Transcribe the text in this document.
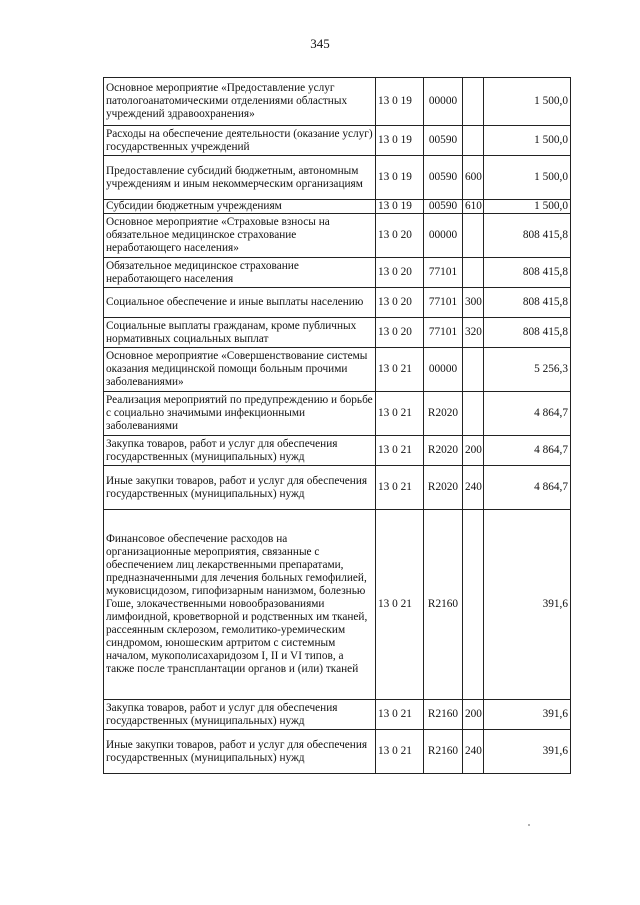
345
Основное мероприятие «Предоставление услуг патологоанатомическими отделениями областных учреждений здравоохранения»	13 0 19	00000		1 500,0
Расходы на обеспечение деятельности (оказание услуг) государственных учреждений	13 0 19	00590		1 500,0
Предоставление субсидий бюджетным, автономным учреждениям и иным некоммерческим организациям	13 0 19	00590	600	1 500,0
Субсидии бюджетным учреждениям	13 0 19	00590	610	1 500,0
Основное мероприятие «Страховые взносы на обязательное медицинское страхование неработающего населения»	13 0 20	00000		808 415,8
Обязательное медицинское страхование неработающего населения	13 0 20	77101		808 415,8
Социальное обеспечение и иные выплаты населению	13 0 20	77101	300	808 415,8
Социальные выплаты гражданам, кроме публичных нормативных социальных выплат	13 0 20	77101	320	808 415,8
Основное мероприятие «Совершенствование системы оказания медицинской помощи больным прочими заболеваниями»	13 0 21	00000		5 256,3
Реализация мероприятий по предупреждению и борьбе с социально значимыми инфекционными заболеваниями	13 0 21	R2020		4 864,7
Закупка товаров, работ и услуг для обеспечения государственных (муниципальных) нужд	13 0 21	R2020	200	4 864,7
Иные закупки товаров, работ и услуг для обеспечения государственных (муниципальных) нужд	13 0 21	R2020	240	4 864,7
Финансовое обеспечение расходов на организационные мероприятия, связанные с обеспечением лиц лекарственными препаратами, предназначенными для лечения больных гемофилией, муковисцидозом, гипофизарным нанизмом, болезнью Гоше, злокачественными новообразованиями лимфоидной, кроветворной и родственных им тканей, рассеянным склерозом, гемолитико-уремическим синдромом, юношеским артритом с системным началом, мукополисахаридозом I, II и VI типов, а также после трансплантации органов и (или) тканей	13 0 21	R2160		391,6
Закупка товаров, работ и услуг для обеспечения государственных (муниципальных) нужд	13 0 21	R2160	200	391,6
Иные закупки товаров, работ и услуг для обеспечения государственных (муниципальных) нужд	13 0 21	R2160	240	391,6
